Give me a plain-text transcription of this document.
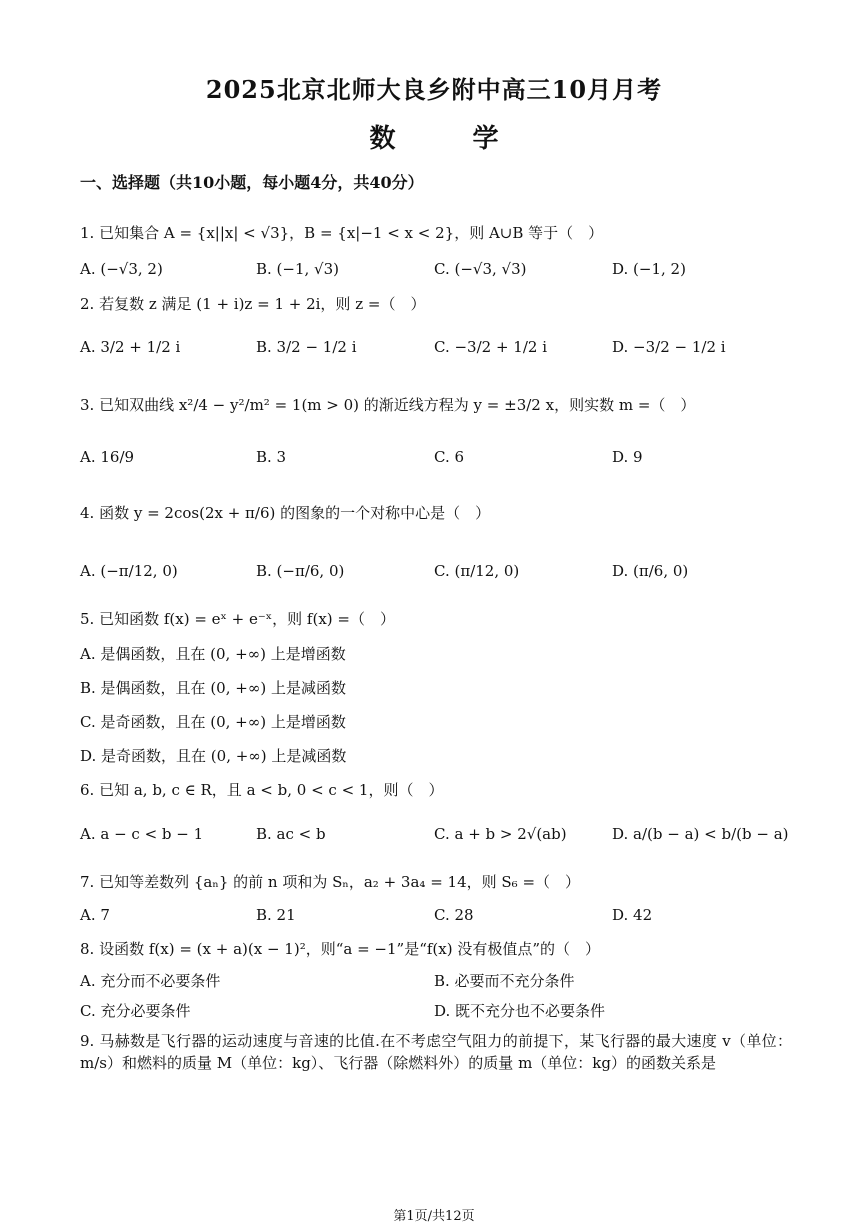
2025北京北师大良乡附中高三10月月考
数 学
一、选择题（共10小题，每小题4分，共40分）
1. 已知集合 A = {x||x| < √3}，B = {x|−1 < x < 2}，则 A∪B 等于（　）
A. (−√3, 2)	B. (−1, √3)	C. (−√3, √3)	D. (−1, 2)
2. 若复数 z 满足 (1 + i)z = 1 + 2i，则 z =（　）
A. 3/2 + 1/2 i	B. 3/2 − 1/2 i	C. −3/2 + 1/2 i	D. −3/2 − 1/2 i
3. 已知双曲线 x²/4 − y²/m² = 1(m > 0) 的渐近线方程为 y = ±3/2 x，则实数 m =（　）
A. 16/9	B. 3	C. 6	D. 9
4. 函数 y = 2cos(2x + π/6) 的图象的一个对称中心是（　）
A. (−π/12, 0)	B. (−π/6, 0)	C. (π/12, 0)	D. (π/6, 0)
5. 已知函数 f(x) = eˣ + e⁻ˣ，则 f(x) =（　）
A. 是偶函数，且在 (0, +∞) 上是增函数
B. 是偶函数，且在 (0, +∞) 上是减函数
C. 是奇函数，且在 (0, +∞) 上是增函数
D. 是奇函数，且在 (0, +∞) 上是减函数
6. 已知 a, b, c ∈ R，且 a < b, 0 < c < 1，则（　）
A. a − c < b − 1	B. ac < b	C. a + b > 2√(ab)	D. a/(b − a) < b/(b − a)
7. 已知等差数列 {aₙ} 的前 n 项和为 Sₙ，a₂ + 3a₄ = 14，则 S₆ =（　）
A. 7	B. 21	C. 28	D. 42
8. 设函数 f(x) = (x + a)(x − 1)²，则“a = −1”是“f(x) 没有极值点”的（　）
A. 充分而不必要条件	B. 必要而不充分条件
C. 充分必要条件	D. 既不充分也不必要条件
9. 马赫数是飞行器的运动速度与音速的比值.在不考虑空气阻力的前提下，某飞行器的最大速度 v（单位：m/s）和燃料的质量 M（单位：kg）、飞行器（除燃料外）的质量 m（单位：kg）的函数关系是
第1页/共12页
